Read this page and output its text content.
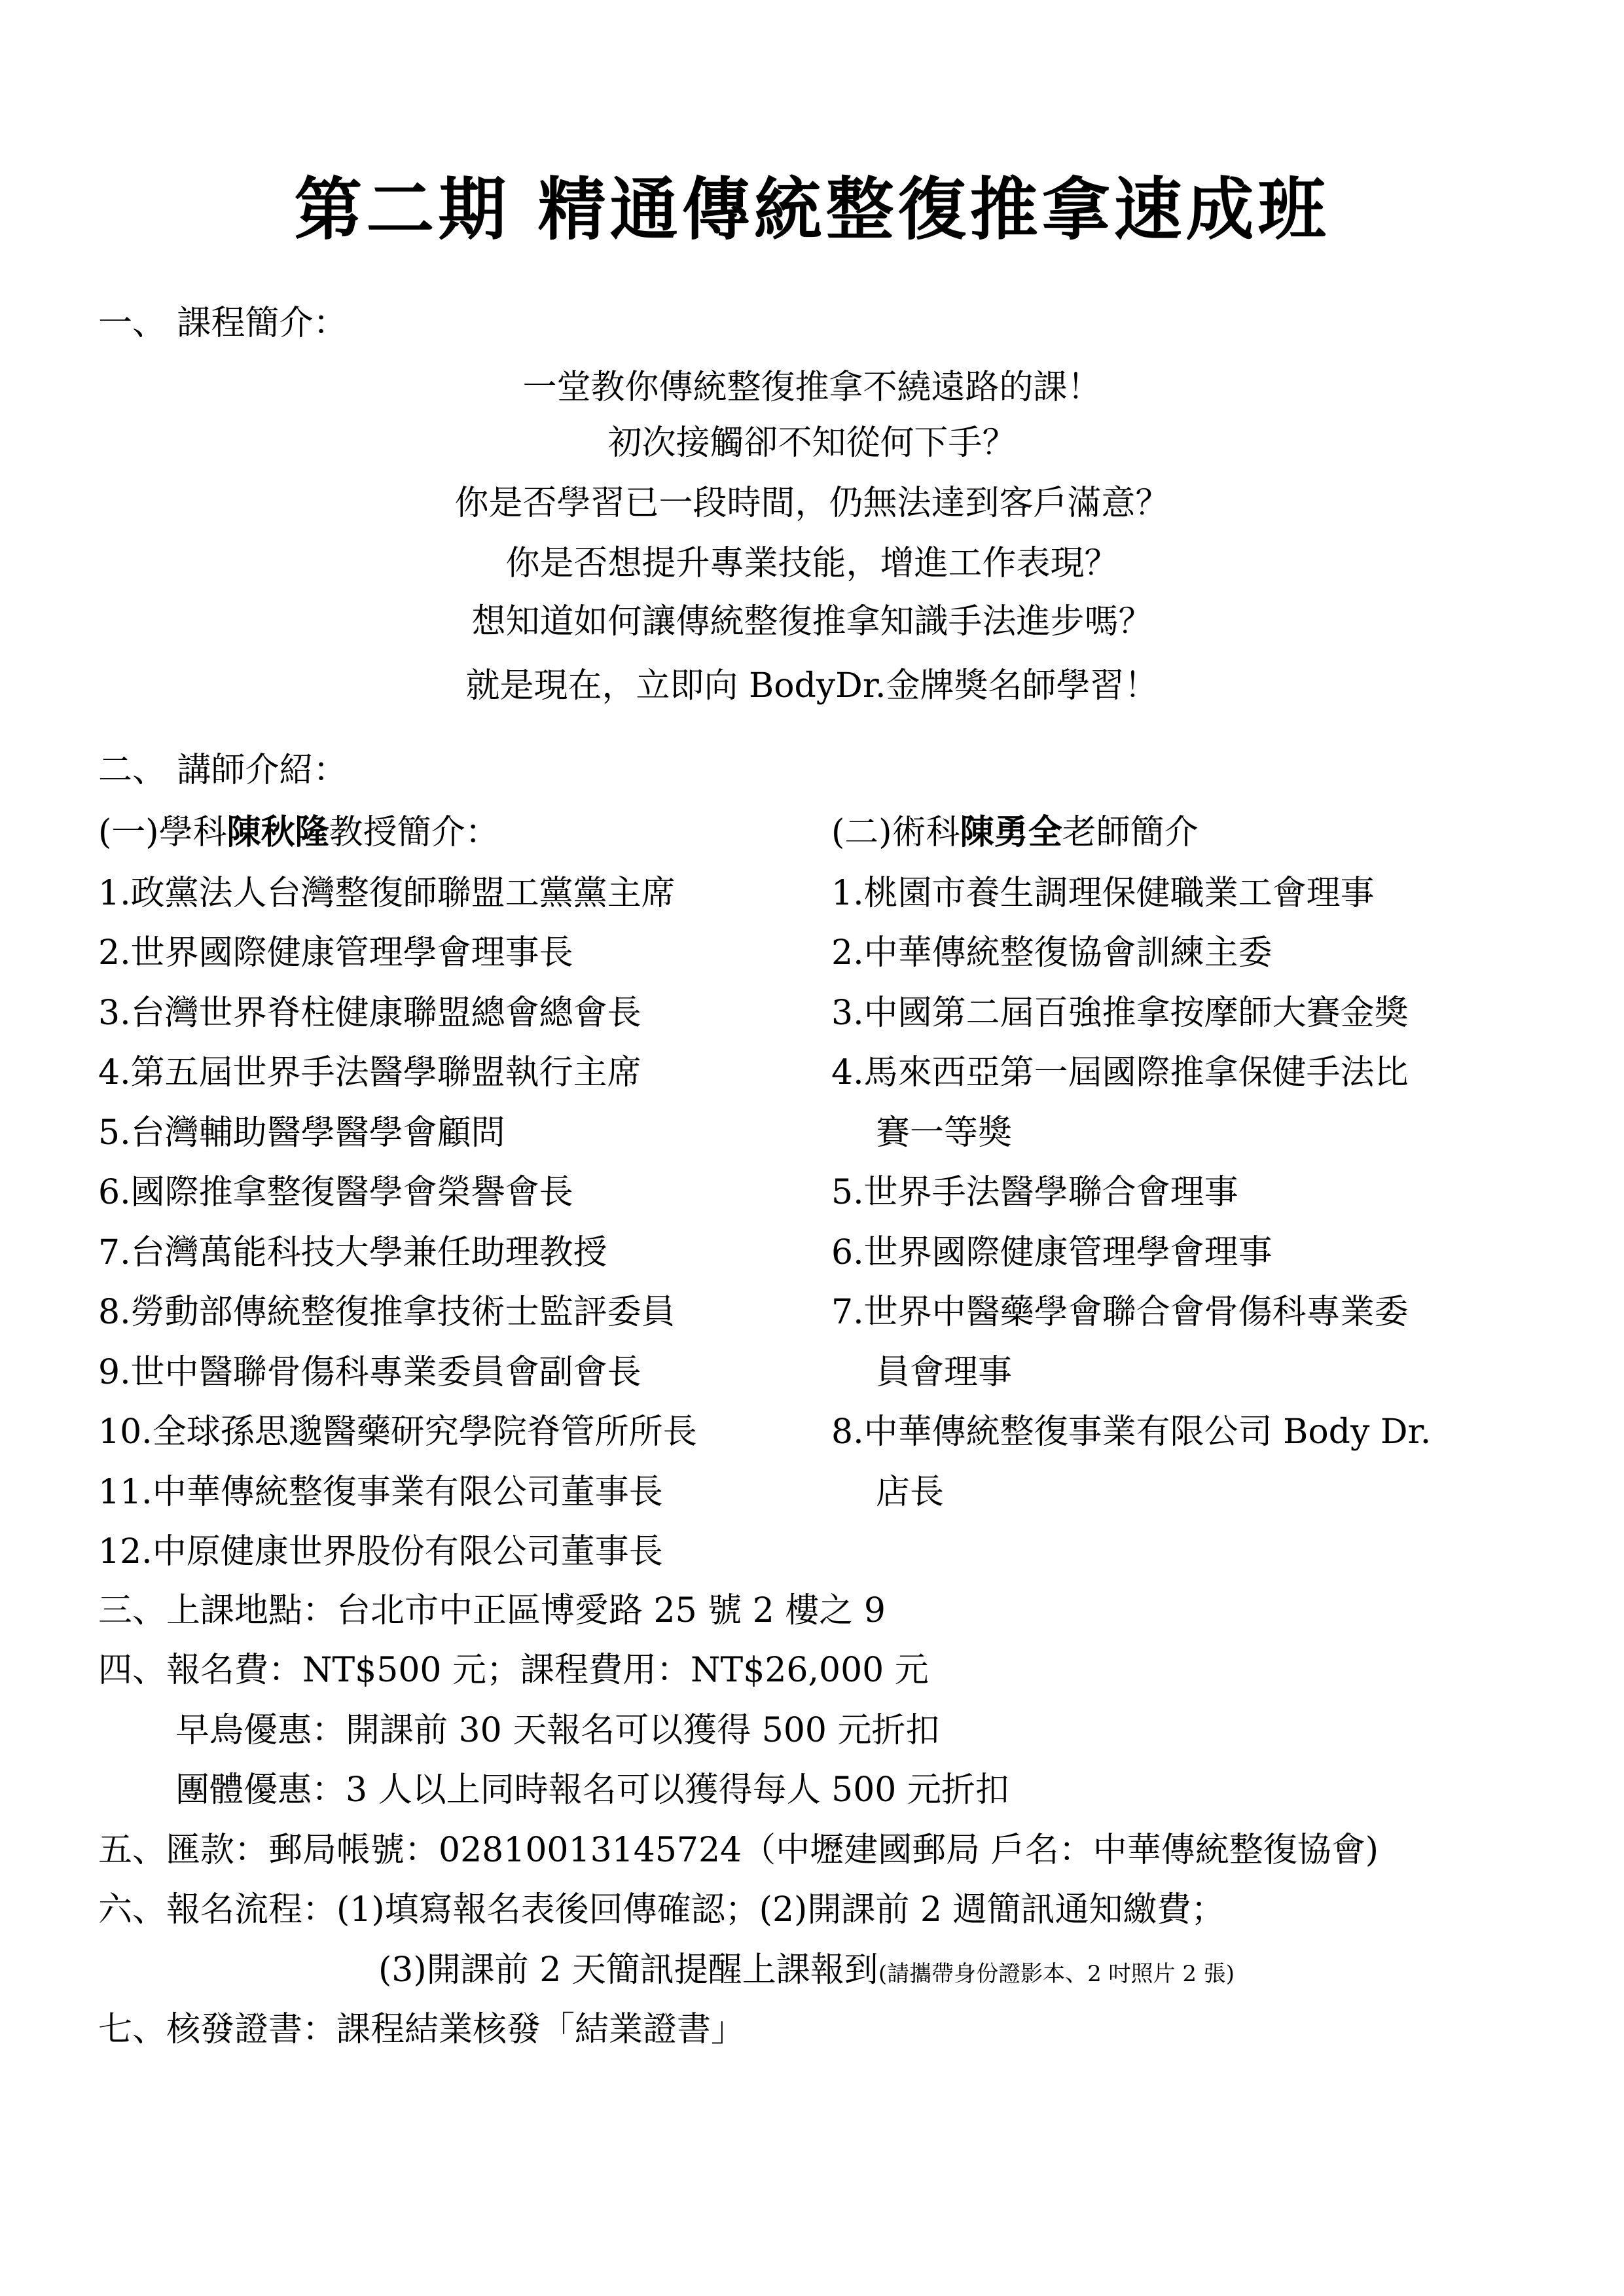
第二期 精通傳統整復推拿速成班
一、 課程簡介：
一堂教你傳統整復推拿不繞遠路的課！
初次接觸卻不知從何下手？
你是否學習已一段時間，仍無法達到客戶滿意？
你是否想提升專業技能，增進工作表現？
想知道如何讓傳統整復推拿知識手法進步嗎？
就是現在，立即向 BodyDr.金牌獎名師學習！
二、 講師介紹：
(一)學科陳秋隆教授簡介：
1.政黨法人台灣整復師聯盟工黨黨主席
2.世界國際健康管理學會理事長
3.台灣世界脊柱健康聯盟總會總會長
4.第五屆世界手法醫學聯盟執行主席
5.台灣輔助醫學醫學會顧問
6.國際推拿整復醫學會榮譽會長
7.台灣萬能科技大學兼任助理教授
8.勞動部傳統整復推拿技術士監評委員
9.世中醫聯骨傷科專業委員會副會長
10.全球孫思邈醫藥研究學院脊管所所長
11.中華傳統整復事業有限公司董事長
12.中原健康世界股份有限公司董事長
(二)術科陳勇全老師簡介
1.桃園市養生調理保健職業工會理事
2.中華傳統整復協會訓練主委
3.中國第二屆百強推拿按摩師大賽金獎
4.馬來西亞第一屆國際推拿保健手法比
賽一等獎
5.世界手法醫學聯合會理事
6.世界國際健康管理學會理事
7.世界中醫藥學會聯合會骨傷科專業委
員會理事
8.中華傳統整復事業有限公司 Body Dr.
店長
三、上課地點：台北市中正區博愛路 25 號 2 樓之 9
四、報名費：NT$500 元；課程費用：NT$26,000 元
早鳥優惠：開課前 30 天報名可以獲得 500 元折扣
團體優惠：3 人以上同時報名可以獲得每人 500 元折扣
五、匯款：郵局帳號：02810013145724（中壢建國郵局 戶名：中華傳統整復協會)
六、報名流程：(1)填寫報名表後回傳確認；(2)開課前 2 週簡訊通知繳費；
(3)開課前 2 天簡訊提醒上課報到(請攜帶身份證影本、2 吋照片 2 張)
七、核發證書：課程結業核發「結業證書」
